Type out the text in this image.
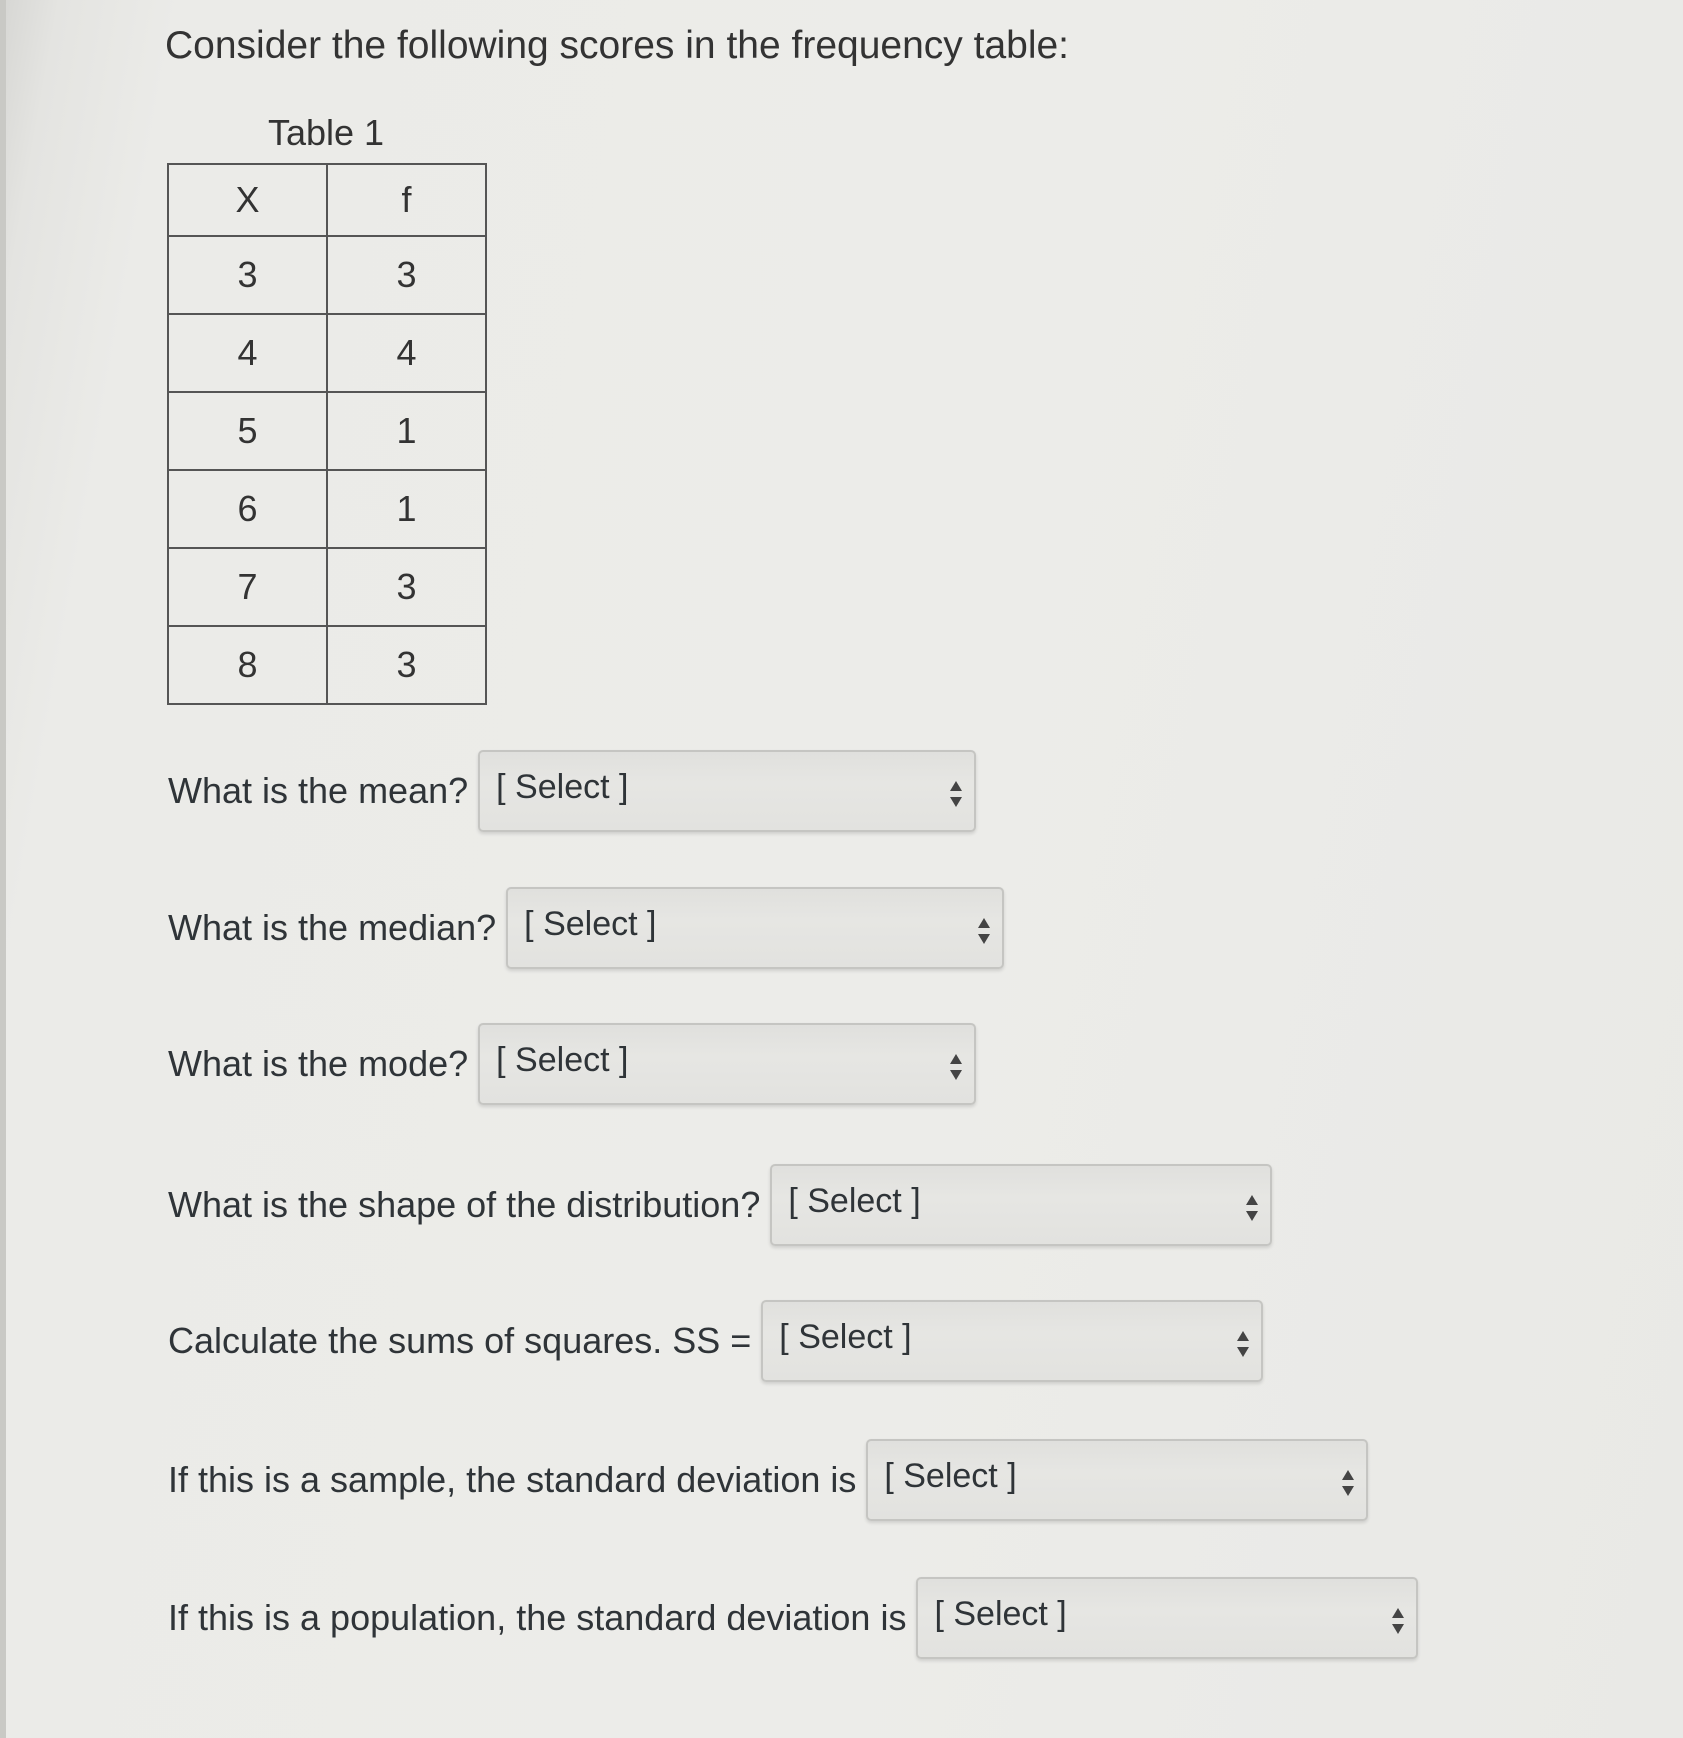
Consider the following scores in the frequency table:
Table 1
X	f
3	3
4	4
5	1
6	1
7	3
8	3
What is the mean? [ Select ]
What is the median? [ Select ]
What is the mode? [ Select ]
What is the shape of the distribution? [ Select ]
Calculate the sums of squares. SS = [ Select ]
If this is a sample, the standard deviation is [ Select ]
If this is a population, the standard deviation is [ Select ]
